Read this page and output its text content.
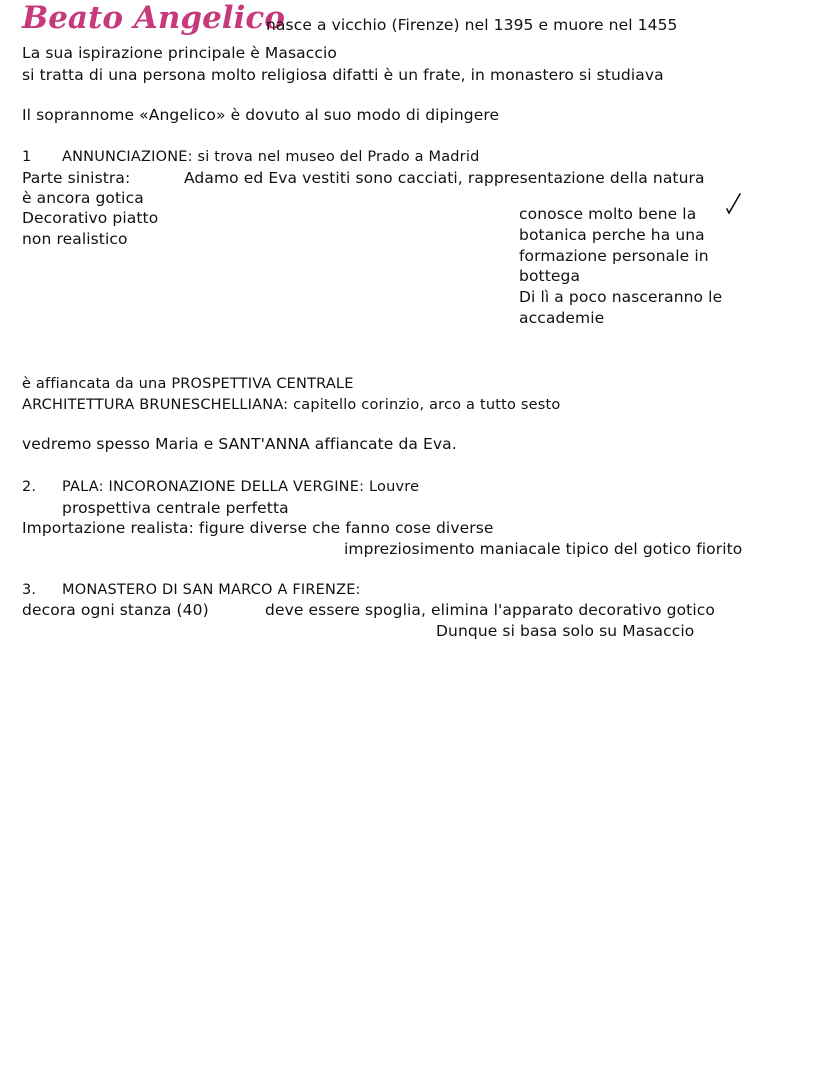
Beato Angelico
nasce a vicchio (Firenze) nel 1395 e muore nel 1455
La sua ispirazione principale è Masaccio
si tratta di una persona molto religiosa difatti è un frate, in monastero si studiava
Il soprannome «Angelico» è dovuto al suo modo di dipingere
1 ANNUNCIAZIONE: si trova nel museo del Prado a Madrid
Parte sinistra:	Adamo ed Eva vestiti sono cacciati, rappresentazione della natura
è ancora gotica
Decorativo piatto
non realistico
conosce molto bene la
botanica perche ha una
formazione personale in
bottega
Di lì a poco nasceranno le
accademie
è affiancata da una PROSPETTIVA CENTRALE
ARCHITETTURA BRUNESCHELLIANA: capitello corinzio, arco a tutto sesto
vedremo spesso Maria e SANT'ANNA affiancate da Eva.
2. PALA: INCORONAZIONE DELLA VERGINE: Louvre
prospettiva centrale perfetta
Importazione realista: figure diverse che fanno cose diverse
impreziosimento maniacale tipico del gotico fiorito
3. MONASTERO DI SAN MARCO A FIRENZE:
decora ogni stanza (40)	deve essere spoglia, elimina l'apparato decorativo gotico
Dunque si basa solo su Masaccio
